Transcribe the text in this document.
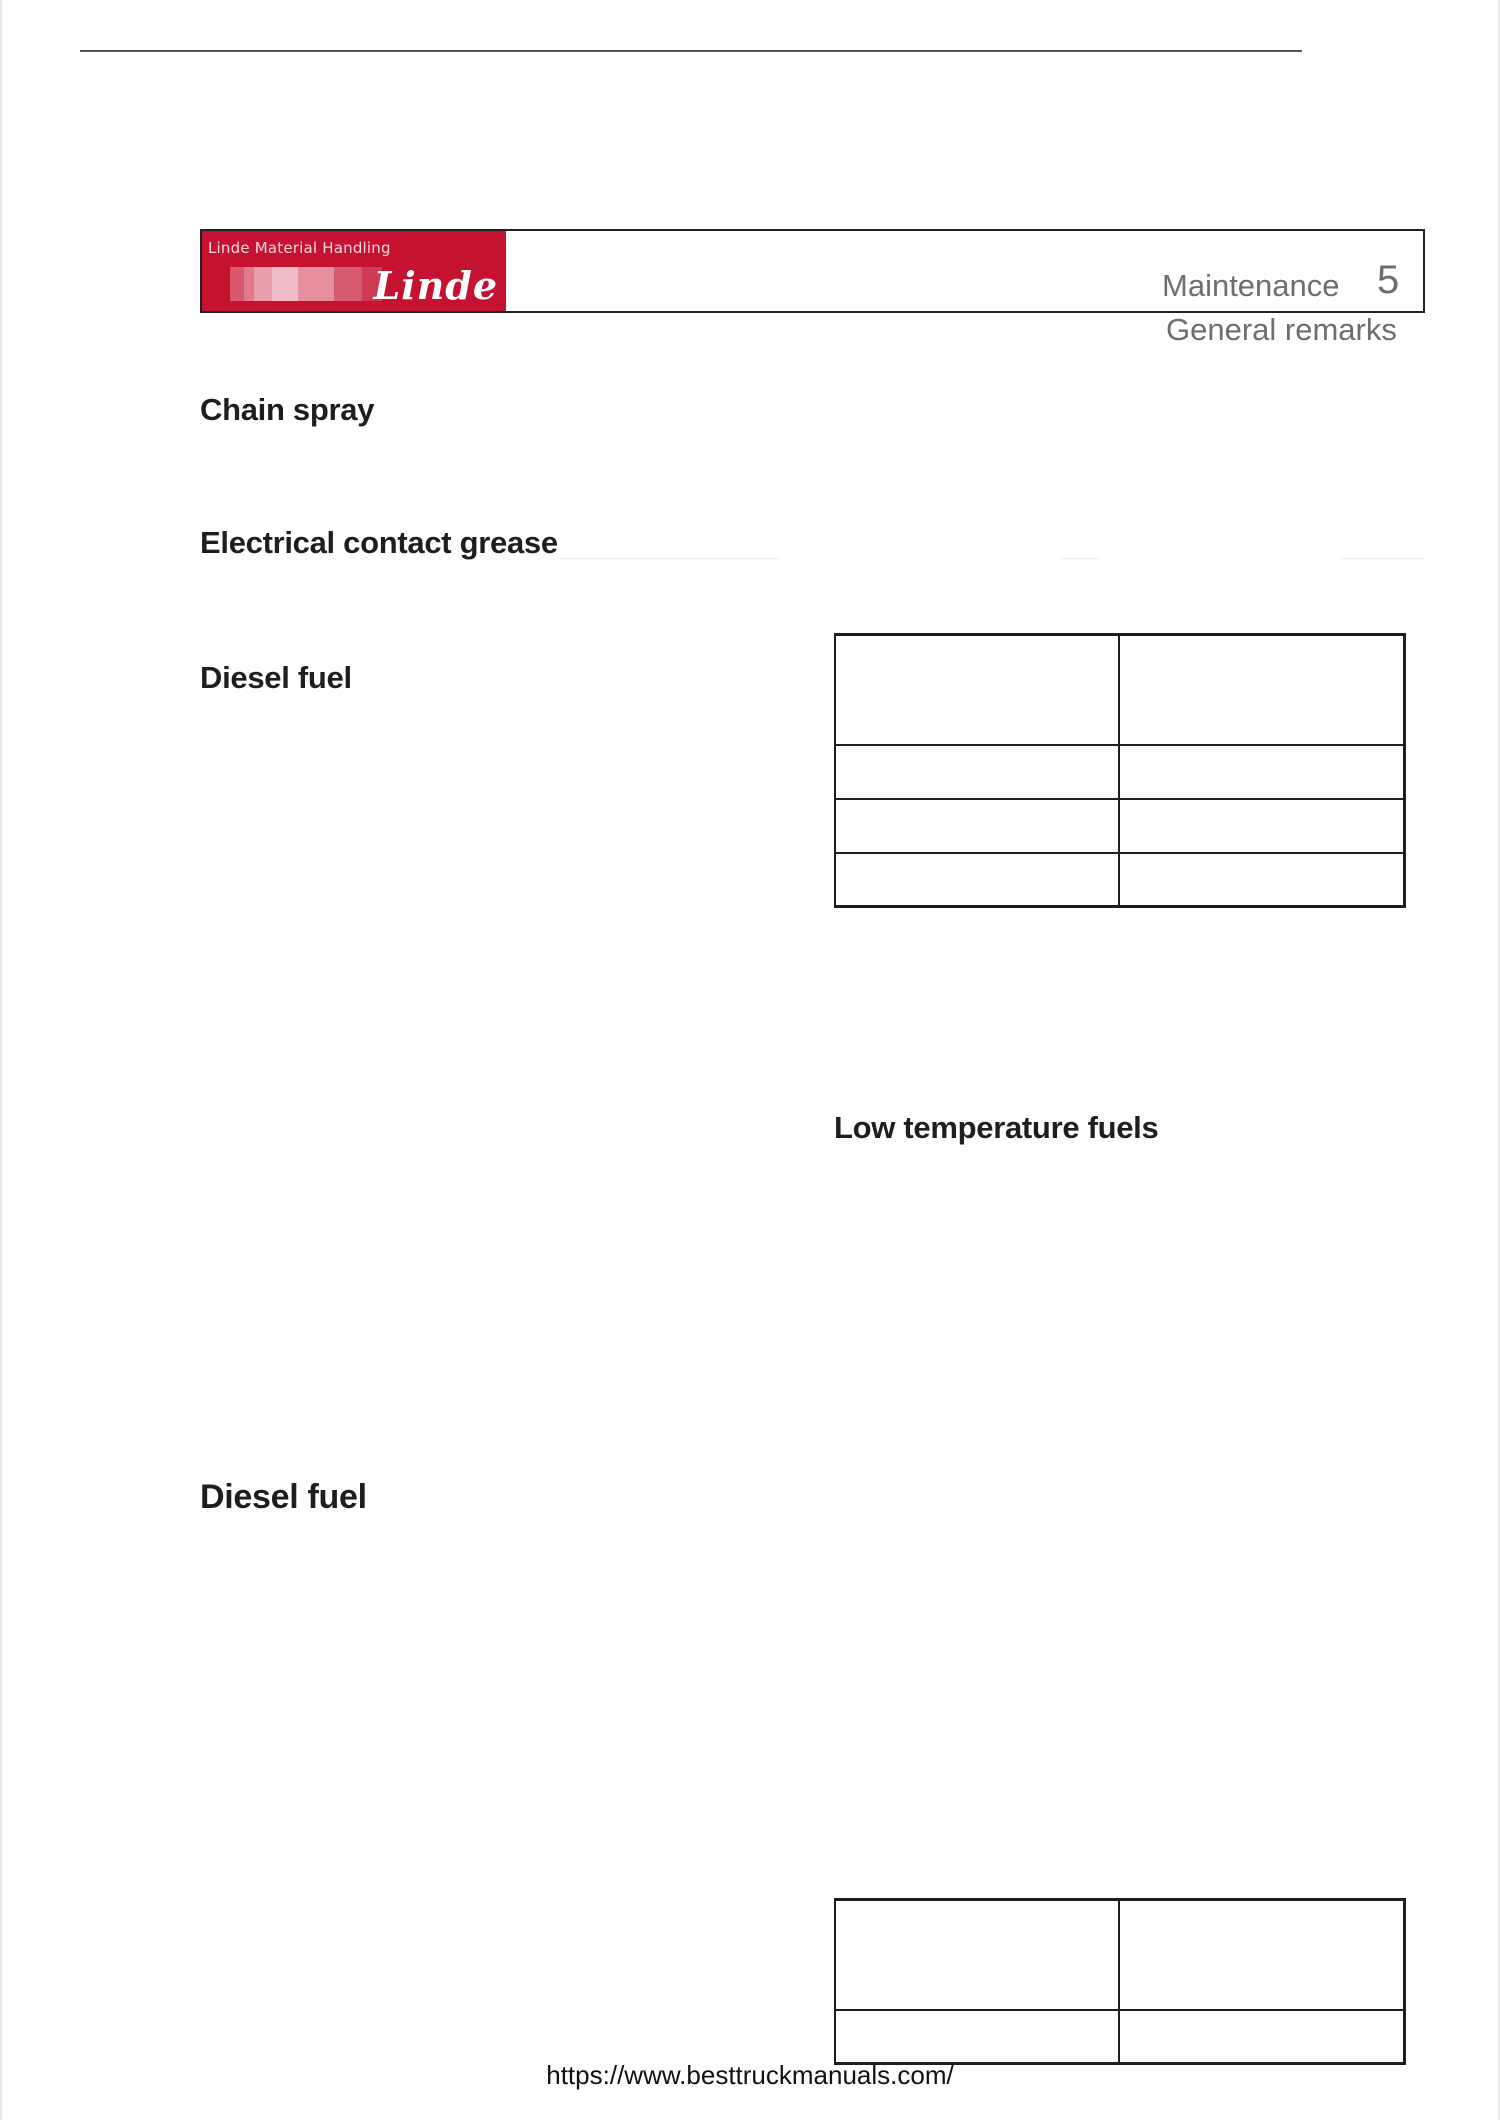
Linde Material Handling
Linde	Maintenance 5
General remarks
Chain spray
Electrical contact grease
Diesel fuel

Low temperature fuels
Diesel fuel

https://www.besttruckmanuals.com/
